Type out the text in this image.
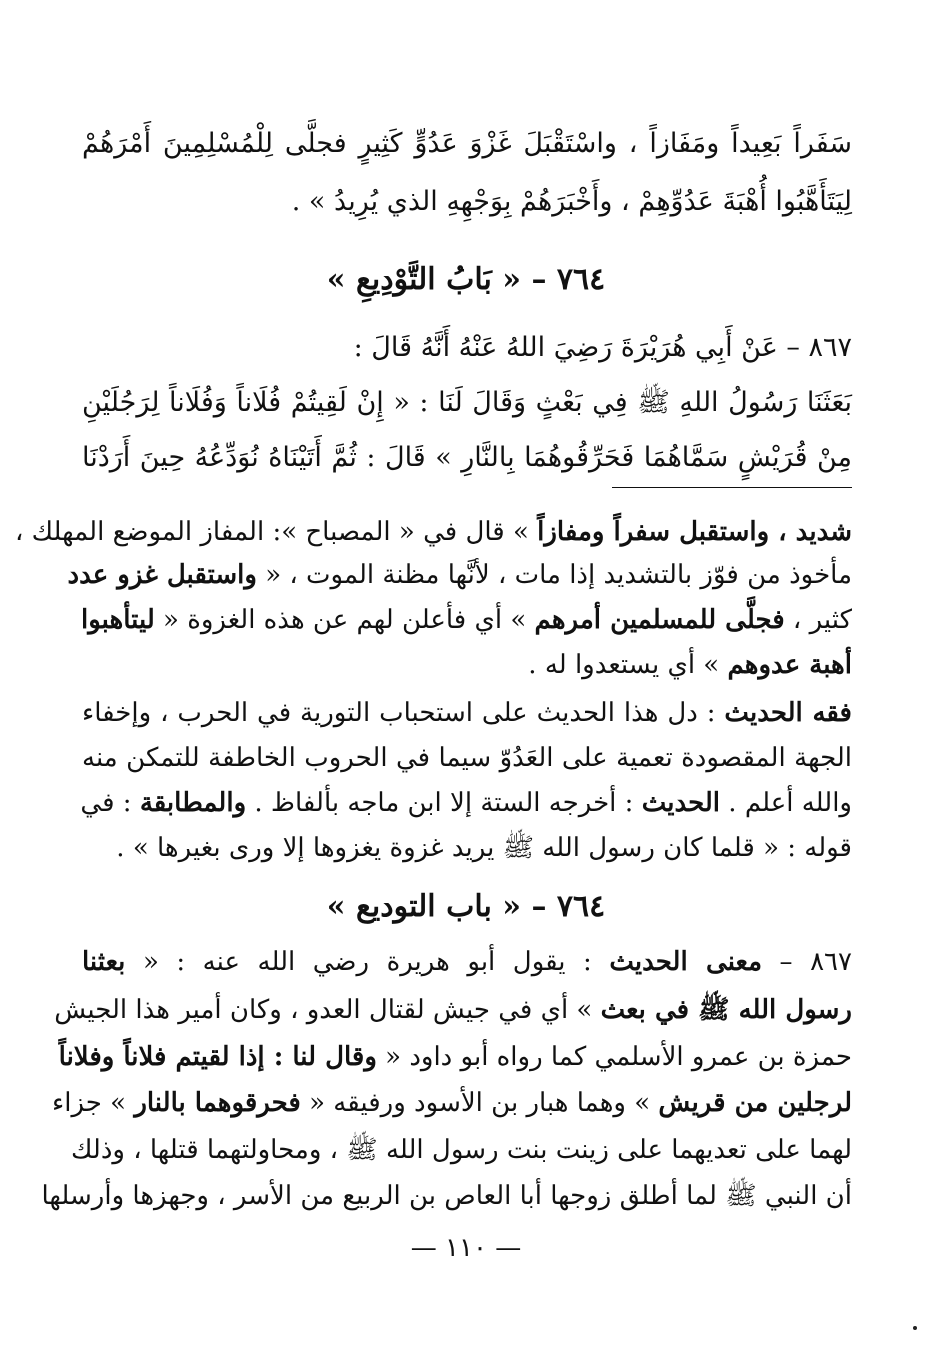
سَفَراً بَعِيداً ومَفَازاً ، واسْتَقْبَلَ غَزْوَ عَدُوٍّ كَثِيرٍ فجلَّى لِلْمُسْلِمِينَ أَمْرَهُمْ
لِيَتَأَهَّبُوا أُهْبَةَ عَدُوِّهِمْ ، وأَخْبَرَهُمْ بِوَجْهِهِ الذي يُرِيدُ » .
٧٦٤ – « بَابُ التَّوْدِيعِ »
٨٦٧ – عَنْ أَبِي هُرَيْرَةَ رَضِيَ اللهُ عَنْهُ أَنَّهُ قَالَ :
بَعَثَنَا رَسُولُ اللهِ ﷺ فِي بَعْثٍ وَقَالَ لَنَا : « إِنْ لَقِيتُمْ فُلَاناً وَفُلَاناً لِرَجُلَيْنِ
مِنْ قُرَيْشٍ سَمَّاهُمَا فَحَرِّقُوهُمَا بِالنَّارِ » قَالَ : ثُمَّ أَتَيْنَاهُ نُوَدِّعُهُ حِينَ أَرَدْنَا
شديد ، واستقبل سفراً ومفازاً » قال في « المصباح »: المفاز الموضع المهلك ،
مأخوذ من فوّز بالتشديد إذا مات ، لأنَّها مظنة الموت ، « واستقبل غزو عدد
كثير ، فجلَّى للمسلمين أمرهم » أي فأعلن لهم عن هذه الغزوة « ليتأهبوا
أهبة عدوهم » أي يستعدوا له .
فقه الحديث : دل هذا الحديث على استحباب التورية في الحرب ، وإخفاء
الجهة المقصودة تعمية على العَدُوّ سيما في الحروب الخاطفة للتمكن منه
والله أعلم . الحديث : أخرجه الستة إلا ابن ماجه بألفاظ . والمطابقة : في
قوله : « قلما كان رسول الله ﷺ يريد غزوة يغزوها إلا ورى بغيرها » .
٧٦٤ – « باب التوديع »
٨٦٧ – معنى الحديث : يقول أبو هريرة رضي الله عنه : « بعثنا
رسول الله ﷺ في بعث » أي في جيش لقتال العدو ، وكان أمير هذا الجيش
حمزة بن عمرو الأسلمي كما رواه أبو داود « وقال لنا : إذا لقيتم فلاناً وفلاناً
لرجلين من قريش » وهما هبار بن الأسود ورفيقه « فحرقوهما بالنار » جزاء
لهما على تعديهما على زينت بنت رسول الله ﷺ ، ومحاولتهما قتلها ، وذلك
أن النبي ﷺ لما أطلق زوجها أبا العاص بن الربيع من الأسر ، وجهزها وأرسلها
— ١١٠ —
